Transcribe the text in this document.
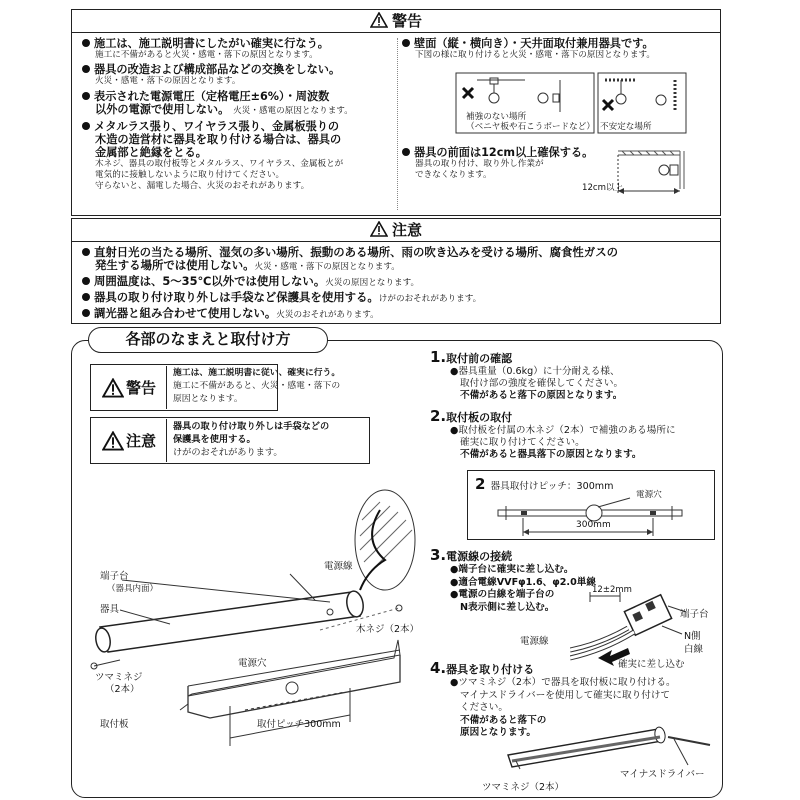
警告
施工は、施工説明書にしたがい確実に行なう。
施工に不備があると火災・感電・落下の原因となります。
器具の改造および構成部品などの交換をしない。
火災・感電・落下の原因となります。
表示された電源電圧（定格電圧±6%）・周波数
以外の電源で使用しない。 火災・感電の原因となります。
メタルラス張り、ワイヤラス張り、金属板張りの
木造の造営材に器具を取り付ける場合は、器具の
金属部と絶縁をとる。
木ネジ、器具の取付板等とメタルラス、ワイヤラス、金属板とが
電気的に接触しないように取り付けてください。
守らないと、漏電した場合、火災のおそれがあります。
壁面（縦・横向き）・天井面取付兼用器具です。
下図の様に取り付けると火災・感電・落下の原因となります。
器具の前面は12cm以上確保する。
器具の取り付け、取り外し作業が
できなくなります。
補強のない場所
（ベニヤ板や石こうボードなど） 不安定な場所
12cm以上
注意
直射日光の当たる場所、湿気の多い場所、振動のある場所、雨の吹き込みを受ける場所、腐食性ガスの
発生する場所では使用しない。火災・感電・落下の原因となります。
周囲温度は、5～35℃以外では使用しない。火災の原因となります。
器具の取り付け取り外しは手袋など保護具を使用する。けがのおそれがあります。
調光器と組み合わせて使用しない。火災のおそれがあります。
各部のなまえと取付け方
警告
施工は、施工説明書に従い、確実に行う。
施工に不備があると、火災・感電・落下の
原因となります。
注意
器具の取り付け取り外しは手袋などの
保護具を使用する。
けがのおそれがあります。
電源線
端子台
（器具内面）
器具
木ネジ（2本）
電源穴
ツマミネジ
（2本）
取付板	取付ピッチ300mm
1.取付前の確認
●器具重量（0.6kg）に十分耐える様、
取付け部の強度を確保してください。
不備があると落下の原因となります。
2.取付板の取付
●取付板を付属の木ネジ（2本）で補強のある場所に
確実に取り付けてください。
不備があると器具落下の原因となります。
2 器具取付けピッチ：300mm
電源穴
300mm
3.電源線の接続
●端子台に確実に差し込む。
●適合電線VVFφ1.6、φ2.0単線
●電源の白線を端子台の
N表示側に差し込む。
12±2mm
端子台
N側
白線
電源線
確実に差し込む
4.器具を取り付ける
●ツマミネジ（2本）で器具を取付板に取り付ける。
マイナスドライバーを使用して確実に取り付けて
ください。
不備があると落下の
原因となります。
ツマミネジ（2本）
マイナスドライバー
